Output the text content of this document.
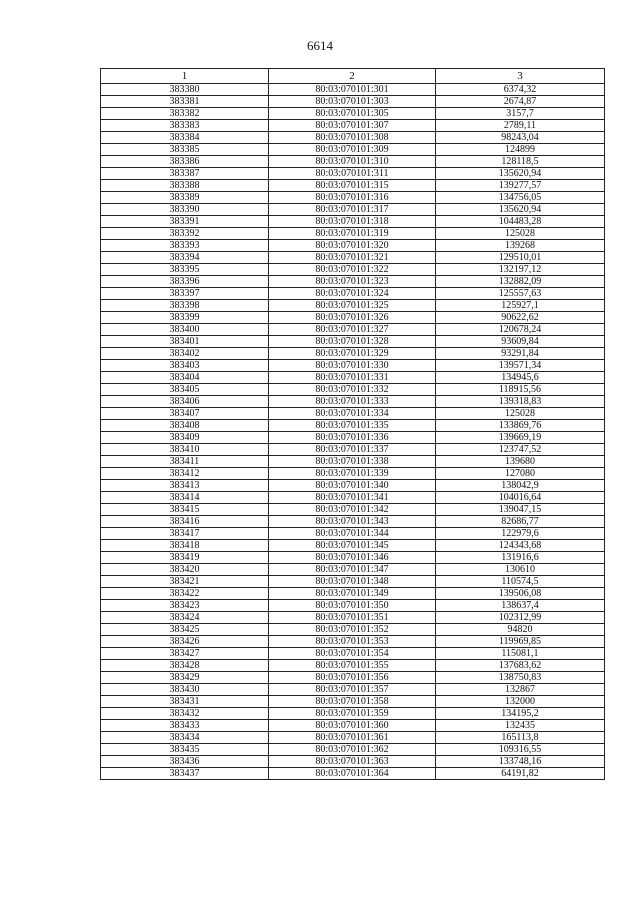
6614
1	2	3
383380	80:03:070101:301	6374,32
383381	80:03:070101:303	2674,87
383382	80:03:070101:305	3157,7
383383	80:03:070101:307	2789,11
383384	80:03:070101:308	98243,04
383385	80:03:070101:309	124899
383386	80:03:070101:310	128118,5
383387	80:03:070101:311	135620,94
383388	80:03:070101:315	139277,57
383389	80:03:070101:316	134756,05
383390	80:03:070101:317	135620,94
383391	80:03:070101:318	104483,28
383392	80:03:070101:319	125028
383393	80:03:070101:320	139268
383394	80:03:070101:321	129510,01
383395	80:03:070101:322	132197,12
383396	80:03:070101:323	132882,09
383397	80:03:070101:324	125557,63
383398	80:03:070101:325	125927,1
383399	80:03:070101:326	90622,62
383400	80:03:070101:327	120678,24
383401	80:03:070101:328	93609,84
383402	80:03:070101:329	93291,84
383403	80:03:070101:330	139571,34
383404	80:03:070101:331	134945,6
383405	80:03:070101:332	118915,56
383406	80:03:070101:333	139318,83
383407	80:03:070101:334	125028
383408	80:03:070101:335	133869,76
383409	80:03:070101:336	139669,19
383410	80:03:070101:337	123747,52
383411	80:03:070101:338	139680
383412	80:03:070101:339	127080
383413	80:03:070101:340	138042,9
383414	80:03:070101:341	104016,64
383415	80:03:070101:342	139047,15
383416	80:03:070101:343	82686,77
383417	80:03:070101:344	122979,6
383418	80:03:070101:345	124343,68
383419	80:03:070101:346	131916,6
383420	80:03:070101:347	130610
383421	80:03:070101:348	110574,5
383422	80:03:070101:349	139506,08
383423	80:03:070101:350	138637,4
383424	80:03:070101:351	102312,99
383425	80:03:070101:352	94820
383426	80:03:070101:353	119969,85
383427	80:03:070101:354	115081,1
383428	80:03:070101:355	137683,62
383429	80:03:070101:356	138750,83
383430	80:03:070101:357	132867
383431	80:03:070101:358	132000
383432	80:03:070101:359	134195,2
383433	80:03:070101:360	132435
383434	80:03:070101:361	165113,8
383435	80:03:070101:362	109316,55
383436	80:03:070101:363	133748,16
383437	80:03:070101:364	64191,82
